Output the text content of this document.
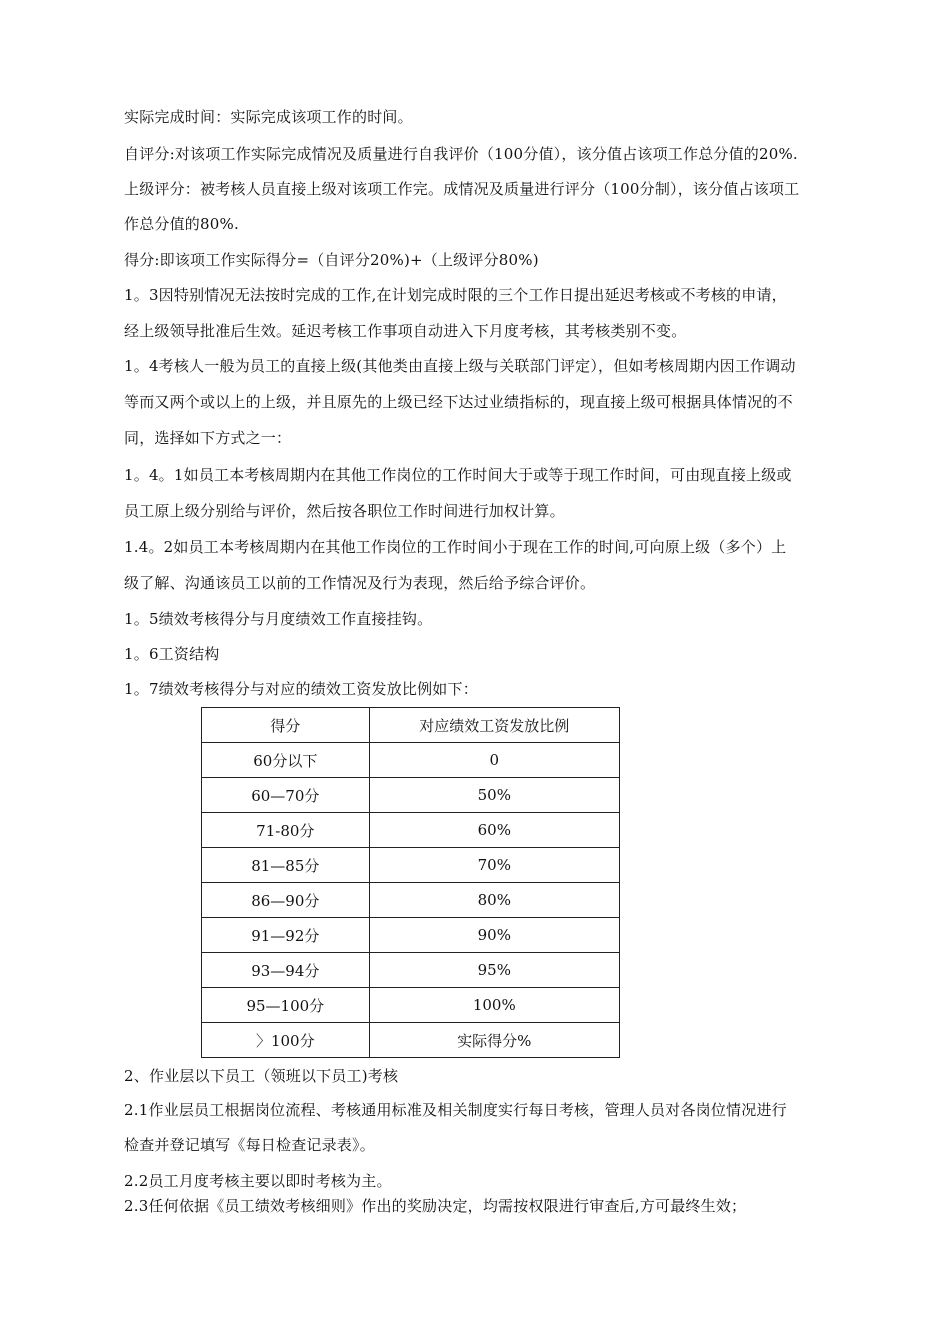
实际完成时间：实际完成该项工作的时间。
自评分:对该项工作实际完成情况及质量进行自我评价（100分值），该分值占该项工作总分值的20%.
上级评分：被考核人员直接上级对该项工作完。成情况及质量进行评分（100分制），该分值占该项工
作总分值的80%.
得分:即该项工作实际得分=（自评分20%)+（上级评分80%)
1。3因特别情况无法按时完成的工作,在计划完成时限的三个工作日提出延迟考核或不考核的申请，
经上级领导批准后生效。延迟考核工作事项自动进入下月度考核，其考核类别不变。
1。4考核人一般为员工的直接上级(其他类由直接上级与关联部门评定），但如考核周期内因工作调动
等而又两个或以上的上级，并且原先的上级已经下达过业绩指标的，现直接上级可根据具体情况的不
同，选择如下方式之一：
1。4。1如员工本考核周期内在其他工作岗位的工作时间大于或等于现工作时间，可由现直接上级或
员工原上级分别给与评价，然后按各职位工作时间进行加权计算。
1.4。2如员工本考核周期内在其他工作岗位的工作时间小于现在工作的时间,可向原上级（多个）上
级了解、沟通该员工以前的工作情况及行为表现，然后给予综合评价。
1。5绩效考核得分与月度绩效工作直接挂钩。
1。6工资结构
1。7绩效考核得分与对应的绩效工资发放比例如下：
得分	对应绩效工资发放比例
60分以下	0
60—70分	50%
71-80分	60%
81—85分	70%
86—90分	80%
91—92分	90%
93—94分	95%
95—100分	100%
〉100分	实际得分%
2、作业层以下员工（领班以下员工)考核
2.1作业层员工根据岗位流程、考核通用标准及相关制度实行每日考核，管理人员对各岗位情况进行
检查并登记填写《每日检查记录表》。
2.2员工月度考核主要以即时考核为主。
2.3任何依据《员工绩效考核细则》作出的奖励决定，均需按权限进行审查后,方可最终生效；
